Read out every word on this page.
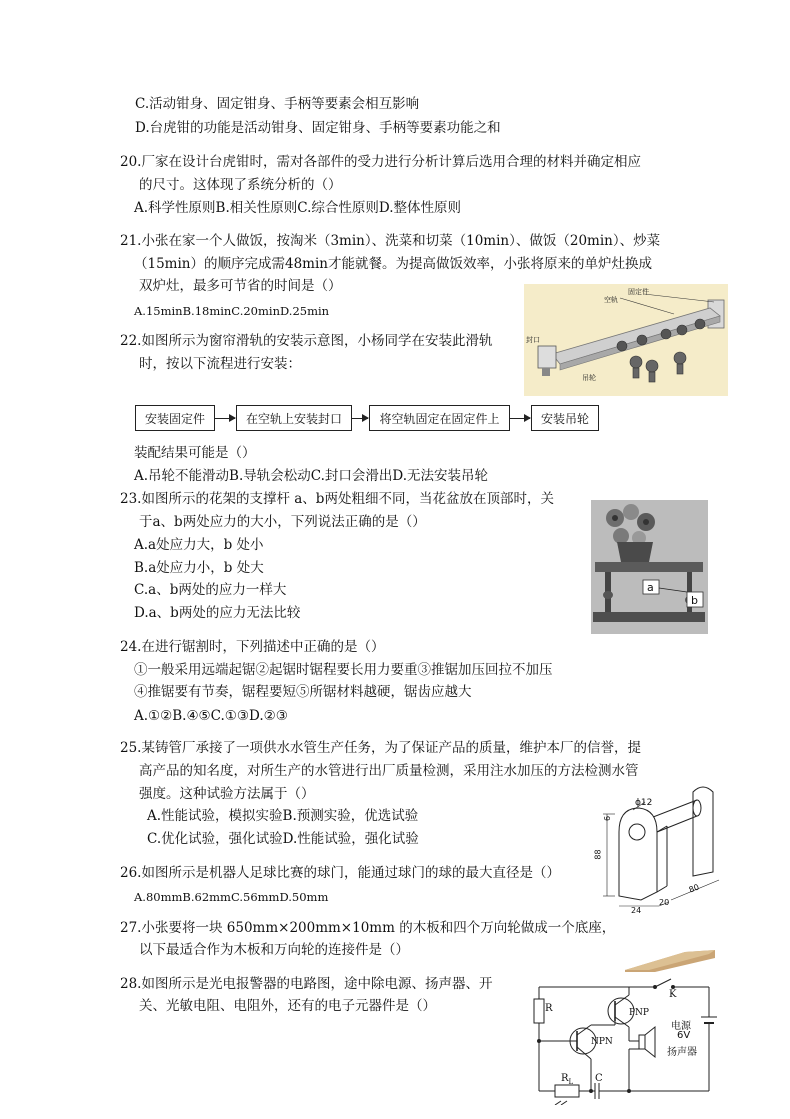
C.活动钳身、固定钳身、手柄等要素会相互影响
D.台虎钳的功能是活动钳身、固定钳身、手柄等要素功能之和
20.厂家在设计台虎钳时，需对各部件的受力进行分析计算后选用合理的材料并确定相应
的尺寸。这体现了系统分析的（）
A.科学性原则B.相关性原则C.综合性原则D.整体性原则
21.小张在家一个人做饭，按淘米（3min）、洗菜和切菜（10min）、做饭（20min）、炒菜
（15min）的顺序完成需48min才能就餐。为提高做饭效率，小张将原来的单炉灶换成
双炉灶，最多可节省的时间是（）
A.15minB.18minC.20minD.25min
空轨
固定件
封口
吊轮
22.如图所示为窗帘滑轨的安装示意图，小杨同学在安装此滑轨
时，按以下流程进行安装：
安装固定件	在空轨上安装封口	将空轨固定在固定件上	安装吊轮
装配结果可能是（）
A.吊轮不能滑动B.导轨会松动C.封口会滑出D.无法安装吊轮
23.如图所示的花架的支撑杆 a、b两处粗细不同，当花盆放在顶部时，关
于a、b两处应力的大小，下列说法正确的是（）
A.a处应力大，b 处小
B.a处应力小，b 处大
C.a、b两处的应力一样大
D.a、b两处的应力无法比较
a
b
24.在进行锯割时，下列描述中正确的是（）
①一般采用远端起锯②起锯时锯程要长用力要重③推锯加压回拉不加压
④推锯要有节奏，锯程要短⑤所锯材料越硬，锯齿应越大
A.①②B.④⑤C.①③D.②③
25.某铸管厂承接了一项供水水管生产任务，为了保证产品的质量，维护本厂的信誉，提
高产品的知名度，对所生产的水管进行出厂质量检测，采用注水加压的方法检测水管
强度。这种试验方法属于（）
A.性能试验，模拟实验B.预测实验，优选试验
C.优化试验，强化试验D.性能试验，强化试验
ϕ12
6
88
24
20
80
26.如图所示是机器人足球比赛的球门，能通过球门的球的最大直径是（）
A.80mmB.62mmC.56mmD.50mm
27.小张要将一块 650mm×200mm×10mm 的木板和四个万向轮做成一个底座，
以下最适合作为木板和万向轮的连接件是（）
28.如图所示是光电报警器的电路图，途中除电源、扬声器、开
关、光敏电阻、电阻外，还有的电子元器件是（）
K
R	PNP
NPN
电源
6V
扬声器
$R_L$ C
